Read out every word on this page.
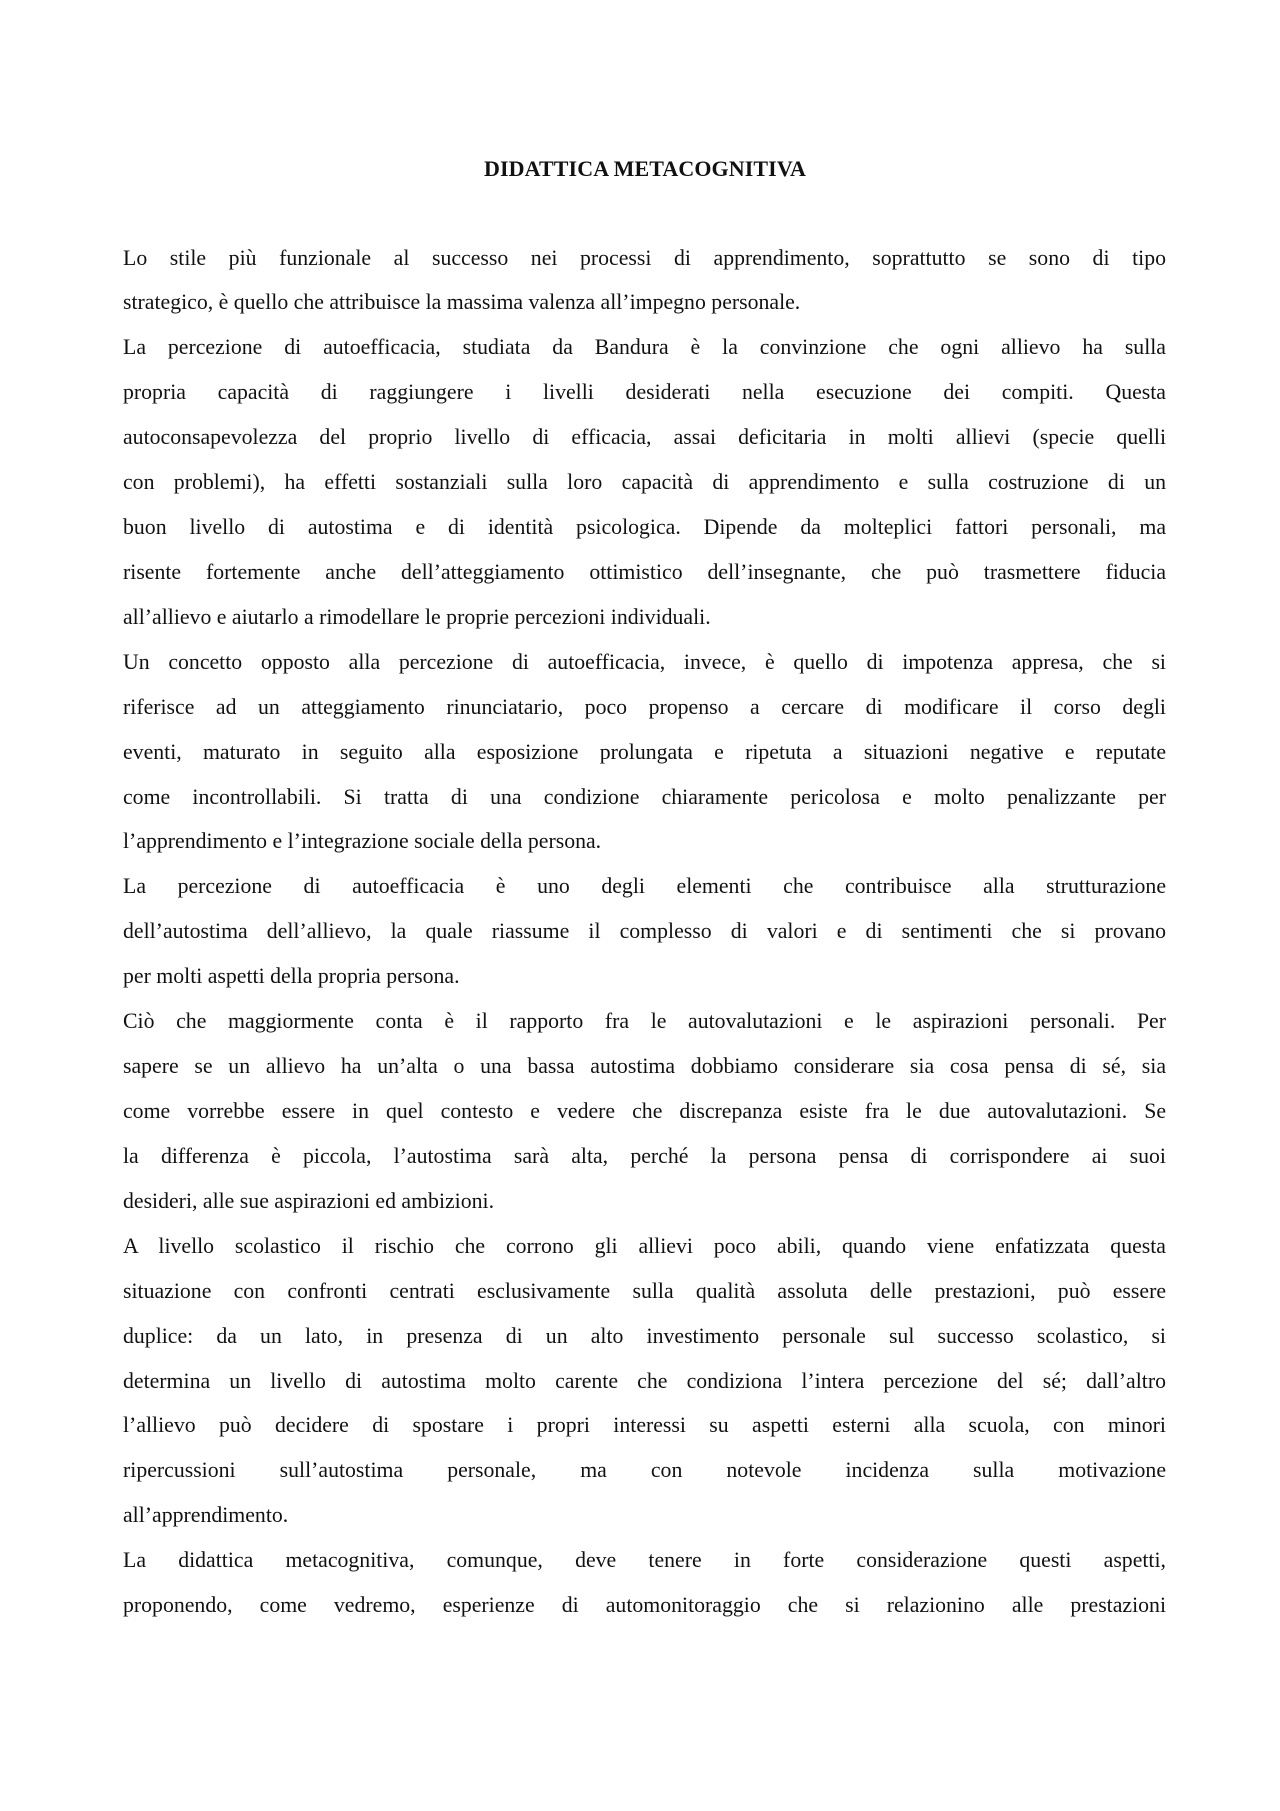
DIDATTICA METACOGNITIVA
Lo stile più funzionale al successo nei processi di apprendimento, soprattutto se sono di tipo
strategico, è quello che attribuisce la massima valenza all’impegno personale.
La percezione di autoefficacia, studiata da Bandura è la convinzione che ogni allievo ha sulla
propria capacità di raggiungere i livelli desiderati nella esecuzione dei compiti. Questa
autoconsapevolezza del proprio livello di efficacia, assai deficitaria in molti allievi (specie quelli
con problemi), ha effetti sostanziali sulla loro capacità di apprendimento e sulla costruzione di un
buon livello di autostima e di identità psicologica. Dipende da molteplici fattori personali, ma
risente fortemente anche dell’atteggiamento ottimistico dell’insegnante, che può trasmettere fiducia
all’allievo e aiutarlo a rimodellare le proprie percezioni individuali.
Un concetto opposto alla percezione di autoefficacia, invece, è quello di impotenza appresa, che si
riferisce ad un atteggiamento rinunciatario, poco propenso a cercare di modificare il corso degli
eventi, maturato in seguito alla esposizione prolungata e ripetuta a situazioni negative e reputate
come incontrollabili. Si tratta di una condizione chiaramente pericolosa e molto penalizzante per
l’apprendimento e l’integrazione sociale della persona.
La percezione di autoefficacia è uno degli elementi che contribuisce alla strutturazione
dell’autostima dell’allievo, la quale riassume il complesso di valori e di sentimenti che si provano
per molti aspetti della propria persona.
Ciò che maggiormente conta è il rapporto fra le autovalutazioni e le aspirazioni personali. Per
sapere se un allievo ha un’alta o una bassa autostima dobbiamo considerare sia cosa pensa di sé, sia
come vorrebbe essere in quel contesto e vedere che discrepanza esiste fra le due autovalutazioni. Se
la differenza è piccola, l’autostima sarà alta, perché la persona pensa di corrispondere ai suoi
desideri, alle sue aspirazioni ed ambizioni.
A livello scolastico il rischio che corrono gli allievi poco abili, quando viene enfatizzata questa
situazione con confronti centrati esclusivamente sulla qualità assoluta delle prestazioni, può essere
duplice: da un lato, in presenza di un alto investimento personale sul successo scolastico, si
determina un livello di autostima molto carente che condiziona l’intera percezione del sé; dall’altro
l’allievo può decidere di spostare i propri interessi su aspetti esterni alla scuola, con minori
ripercussioni sull’autostima personale, ma con notevole incidenza sulla motivazione
all’apprendimento.
La didattica metacognitiva, comunque, deve tenere in forte considerazione questi aspetti,
proponendo, come vedremo, esperienze di automonitoraggio che si relazionino alle prestazioni
